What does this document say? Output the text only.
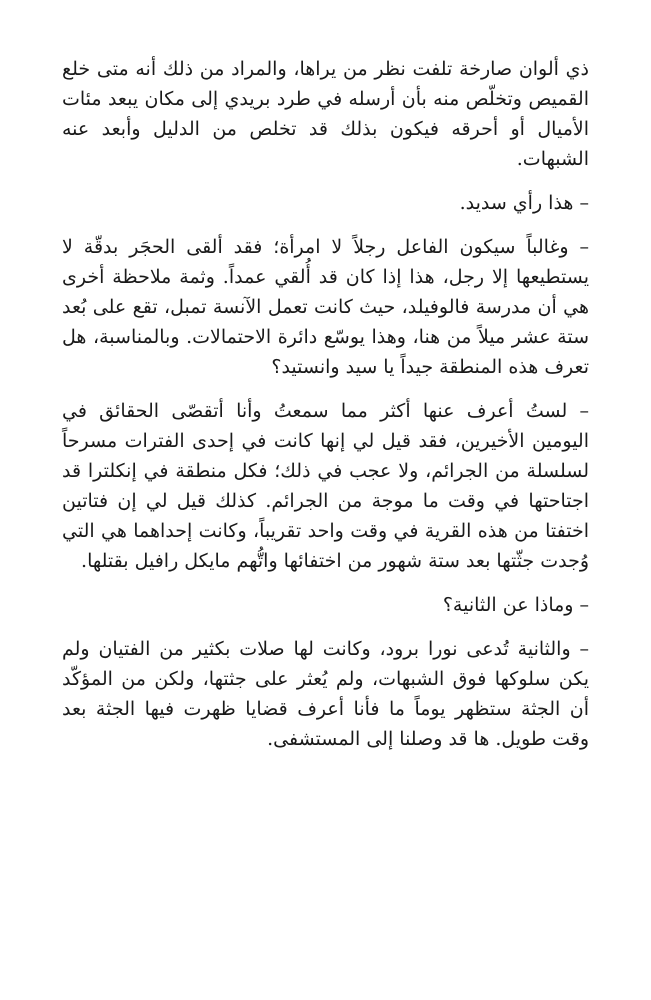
ذي ألوان صارخة تلفت نظر من يراها، والمراد من ذلك أنه متى خلع القميص وتخلّص منه بأن أرسله في طرد بريدي إلى مكان يبعد مئات الأميال أو أحرقه فيكون بذلك قد تخلص من الدليل وأبعد عنه الشبهات.

– هذا رأي سديد.

– وغالباً سيكون الفاعل رجلاً لا امرأة؛ فقد ألقى الحجَر بدقّة لا يستطيعها إلا رجل، هذا إذا كان قد أُلقي عمداً. وثمة ملاحظة أخرى هي أن مدرسة فالوفيلد، حيث كانت تعمل الآنسة تمبل، تقع على بُعد ستة عشر ميلاً من هنا، وهذا يوسّع دائرة الاحتمالات. وبالمناسبة، هل تعرف هذه المنطقة جيداً يا سيد وانستيد؟

– لستُ أعرف عنها أكثر مما سمعتُ وأنا أتقصّى الحقائق في اليومين الأخيرين، فقد قيل لي إنها كانت في إحدى الفترات مسرحاً لسلسلة من الجرائم، ولا عجب في ذلك؛ فكل منطقة في إنكلترا قد اجتاحتها في وقت ما موجة من الجرائم. كذلك قيل لي إن فتاتين اختفتا من هذه القرية في وقت واحد تقريباً، وكانت إحداهما هي التي وُجدت جثّتها بعد ستة شهور من اختفائها واتُّهم مايكل رافيل بقتلها.

– وماذا عن الثانية؟

– والثانية تُدعى نورا برود، وكانت لها صلات بكثير من الفتيان ولم يكن سلوكها فوق الشبهات، ولم يُعثر على جثتها، ولكن من المؤكّد أن الجثة ستظهر يوماً ما فأنا أعرف قضايا ظهرت فيها الجثة بعد وقت طويل. ها قد وصلنا إلى المستشفى.
